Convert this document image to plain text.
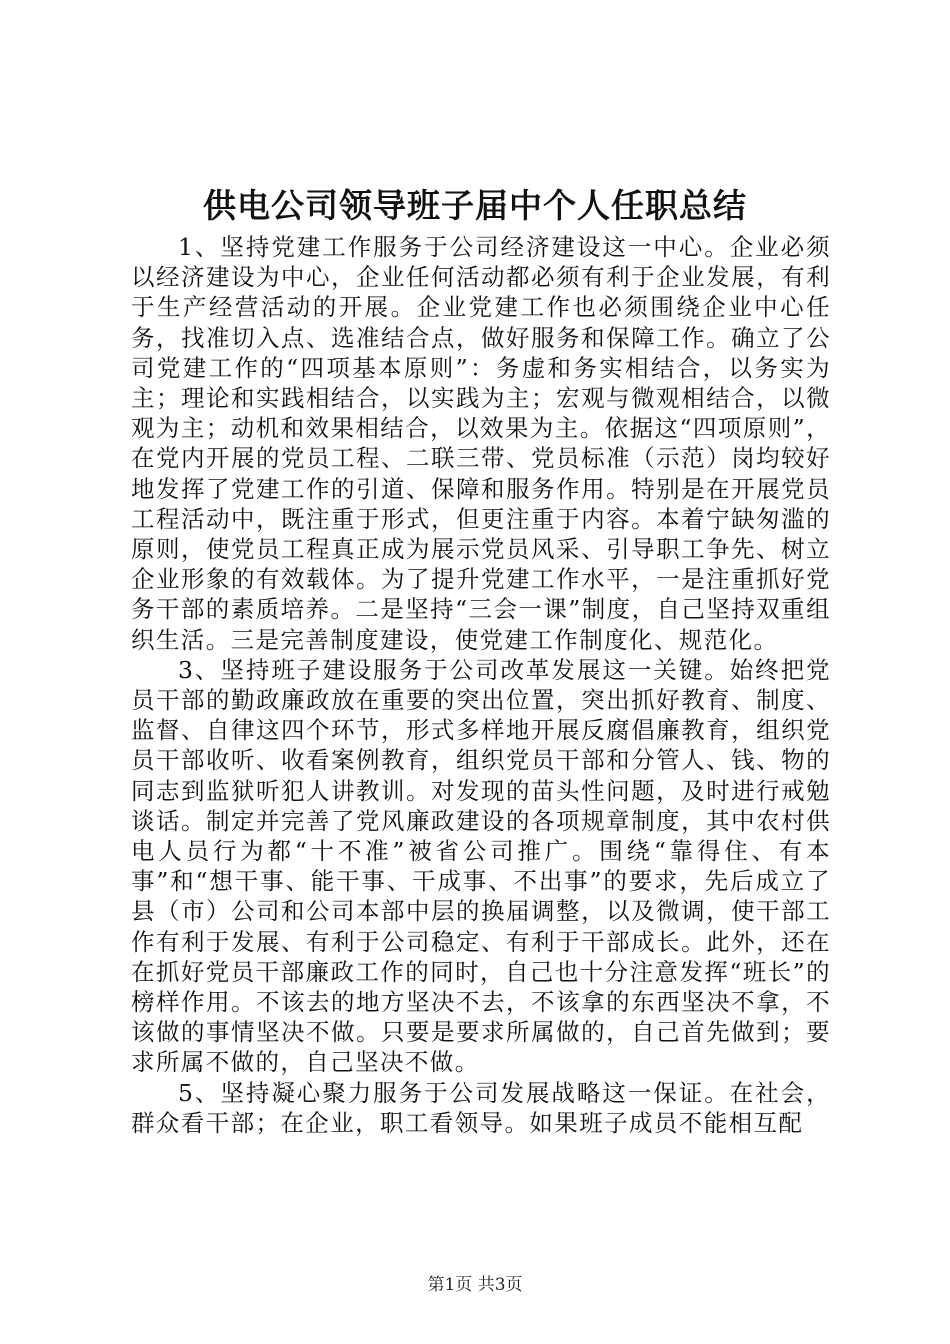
供电公司领导班子届中个人任职总结

1、坚持党建工作服务于公司经济建设这一中心。企业必须以经济建设为中心，企业任何活动都必须有利于企业发展，有利于生产经营活动的开展。企业党建工作也必须围绕企业中心任务，找准切入点、选准结合点，做好服务和保障工作。确立了公司党建工作的“四项基本原则”：务虚和务实相结合，以务实为主；理论和实践相结合，以实践为主；宏观与微观相结合，以微观为主；动机和效果相结合，以效果为主。依据这“四项原则”，在党内开展的党员工程、二联三带、党员标准（示范）岗均较好地发挥了党建工作的引道、保障和服务作用。特别是在开展党员工程活动中，既注重于形式，但更注重于内容。本着宁缺匆滥的原则，使党员工程真正成为展示党员风采、引导职工争先、树立企业形象的有效载体。为了提升党建工作水平，一是注重抓好党务干部的素质培养。二是坚持“三会一课”制度，自己坚持双重组织生活。三是完善制度建设，使党建工作制度化、规范化。

3、坚持班子建设服务于公司改革发展这一关键。始终把党员干部的勤政廉政放在重要的突出位置，突出抓好教育、制度、监督、自律这四个环节，形式多样地开展反腐倡廉教育，组织党员干部收听、收看案例教育，组织党员干部和分管人、钱、物的同志到监狱听犯人讲教训。对发现的苗头性问题，及时进行戒勉谈话。制定并完善了党风廉政建设的各项规章制度，其中农村供电人员行为都“十不准”被省公司推广。围绕“靠得住、有本事”和“想干事、能干事、干成事、不出事”的要求，先后成立了县（市）公司和公司本部中层的换届调整，以及微调，使干部工作有利于发展、有利于公司稳定、有利于干部成长。此外，还在在抓好党员干部廉政工作的同时，自己也十分注意发挥“班长”的榜样作用。不该去的地方坚决不去，不该拿的东西坚决不拿，不该做的事情坚决不做。只要是要求所属做的，自己首先做到；要求所属不做的，自己坚决不做。

5、坚持凝心聚力服务于公司发展战略这一保证。在社会，群众看干部；在企业，职工看领导。如果班子成员不能相互配

第1页 共3页
